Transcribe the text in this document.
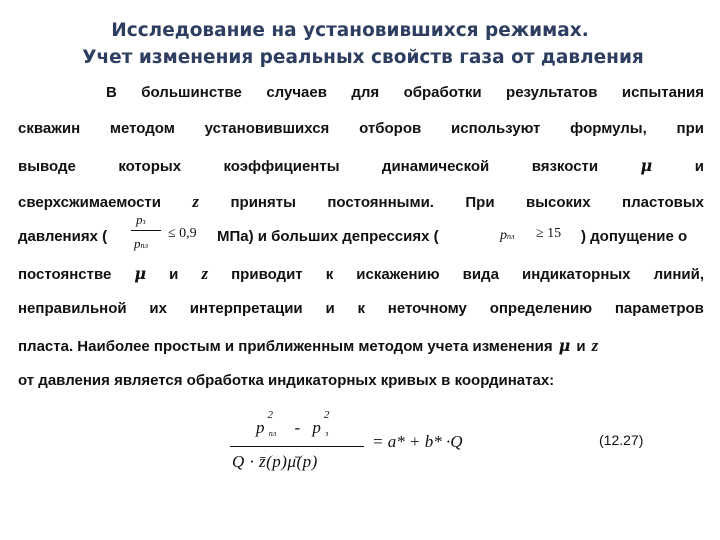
Исследование на установившихся режимах.
Учет изменения реальных свойств газа от давления
В большинстве случаев для обработки результатов испытания
скважин методом установившихся отборов используют формулы, при
выводе	которых	коэффициенты	динамической	вязкости	μ	и
сверхсжимаемости z приняты постоянными. При высоких пластовых
давлениях (
pз
pпл
≤ 0,9 МПа) и больших депрессиях (	pпл ≥ 15 ) допущение о
постоянстве μ и z приводит к искажению вида индикаторных линий,
неправильной их интерпретации и к неточному определению параметров
пласта. Наиболее простым и приближенным методом учета изменения μ и z
от давления является обработка индикаторных кривых в координатах:
p
2
пл - p
2
з
Q · z̄(p)μ̄(p)
= a* + b* ·Q	(12.27)
